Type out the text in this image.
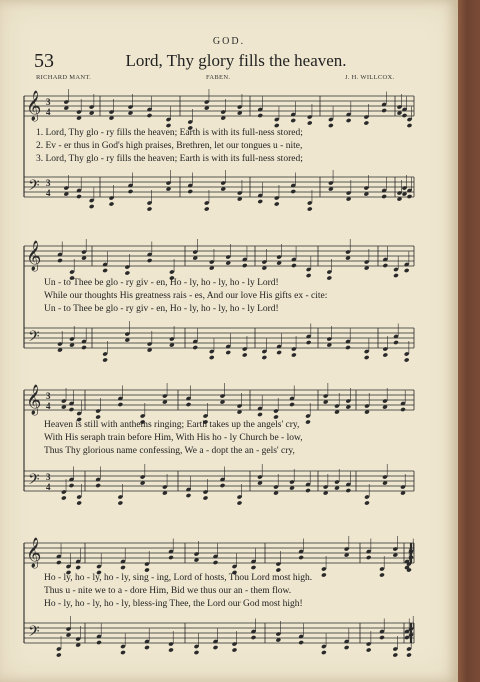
GOD.
53	Lord, Thy glory fills the heaven.
RICHARD MANT.	FABEN.	J. H. WILLCOX.
𝄞
𝄢
3
4
3
4
𝄞
𝄢
𝄞
𝄢
3
4
3
4
𝄞
𝄢
1. Lord, Thy glo - ry fills the heaven; Earth is with its full-ness stored;
2. Ev - er thus in God's high praises, Brethren, let our tongues u - nite,
3. Lord, Thy glo - ry fills the heaven; Earth is with its full-ness stored;
Un - to Thee be glo - ry giv - en, Ho - ly, ho - ly, ho - ly Lord!
While our thoughts His greatness rais - es, And our love His gifts ex - cite:
Un - to Thee be glo - ry giv - en, Ho - ly, ho - ly, ho - ly Lord!
Heaven is still with anthems ringing; Earth takes up the angels' cry,
With His seraph train before Him, With His ho - ly Church be - low,
Thus Thy glorious name confessing, We a - dopt the an - gels' cry,
Ho - ly, ho - ly, ho - ly, sing - ing, Lord of hosts, Thou Lord most high.
Thus u - nite we to a - dore Him, Bid we thus our an - them flow.
Ho - ly, ho - ly, ho - ly, bless-ing Thee, the Lord our God most high!
